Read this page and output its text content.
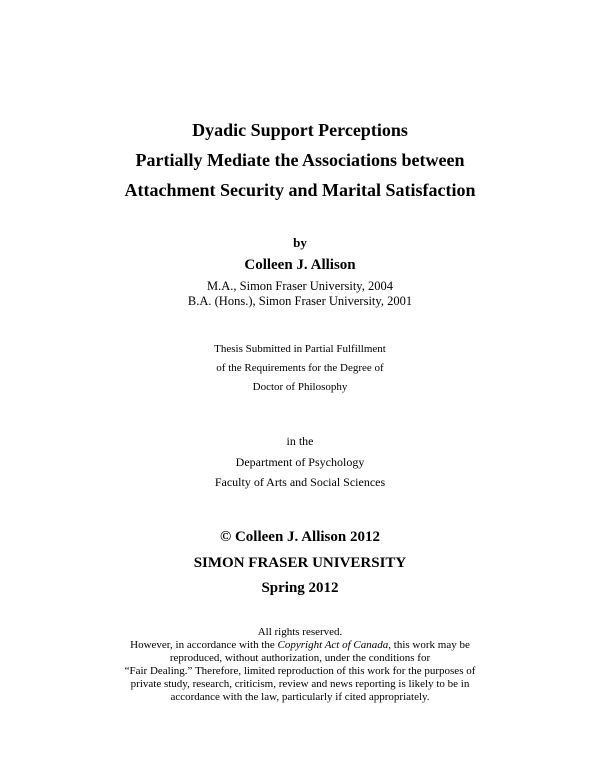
Dyadic Support Perceptions
Partially Mediate the Associations between
Attachment Security and Marital Satisfaction
by
Colleen J. Allison
M.A., Simon Fraser University, 2004
B.A. (Hons.), Simon Fraser University, 2001
Thesis Submitted in Partial Fulfillment
of the Requirements for the Degree of
Doctor of Philosophy
in the
Department of Psychology
Faculty of Arts and Social Sciences
© Colleen J. Allison 2012
SIMON FRASER UNIVERSITY
Spring 2012
All rights reserved.
However, in accordance with the Copyright Act of Canada, this work may be
reproduced, without authorization, under the conditions for
“Fair Dealing.” Therefore, limited reproduction of this work for the purposes of
private study, research, criticism, review and news reporting is likely to be in
accordance with the law, particularly if cited appropriately.
